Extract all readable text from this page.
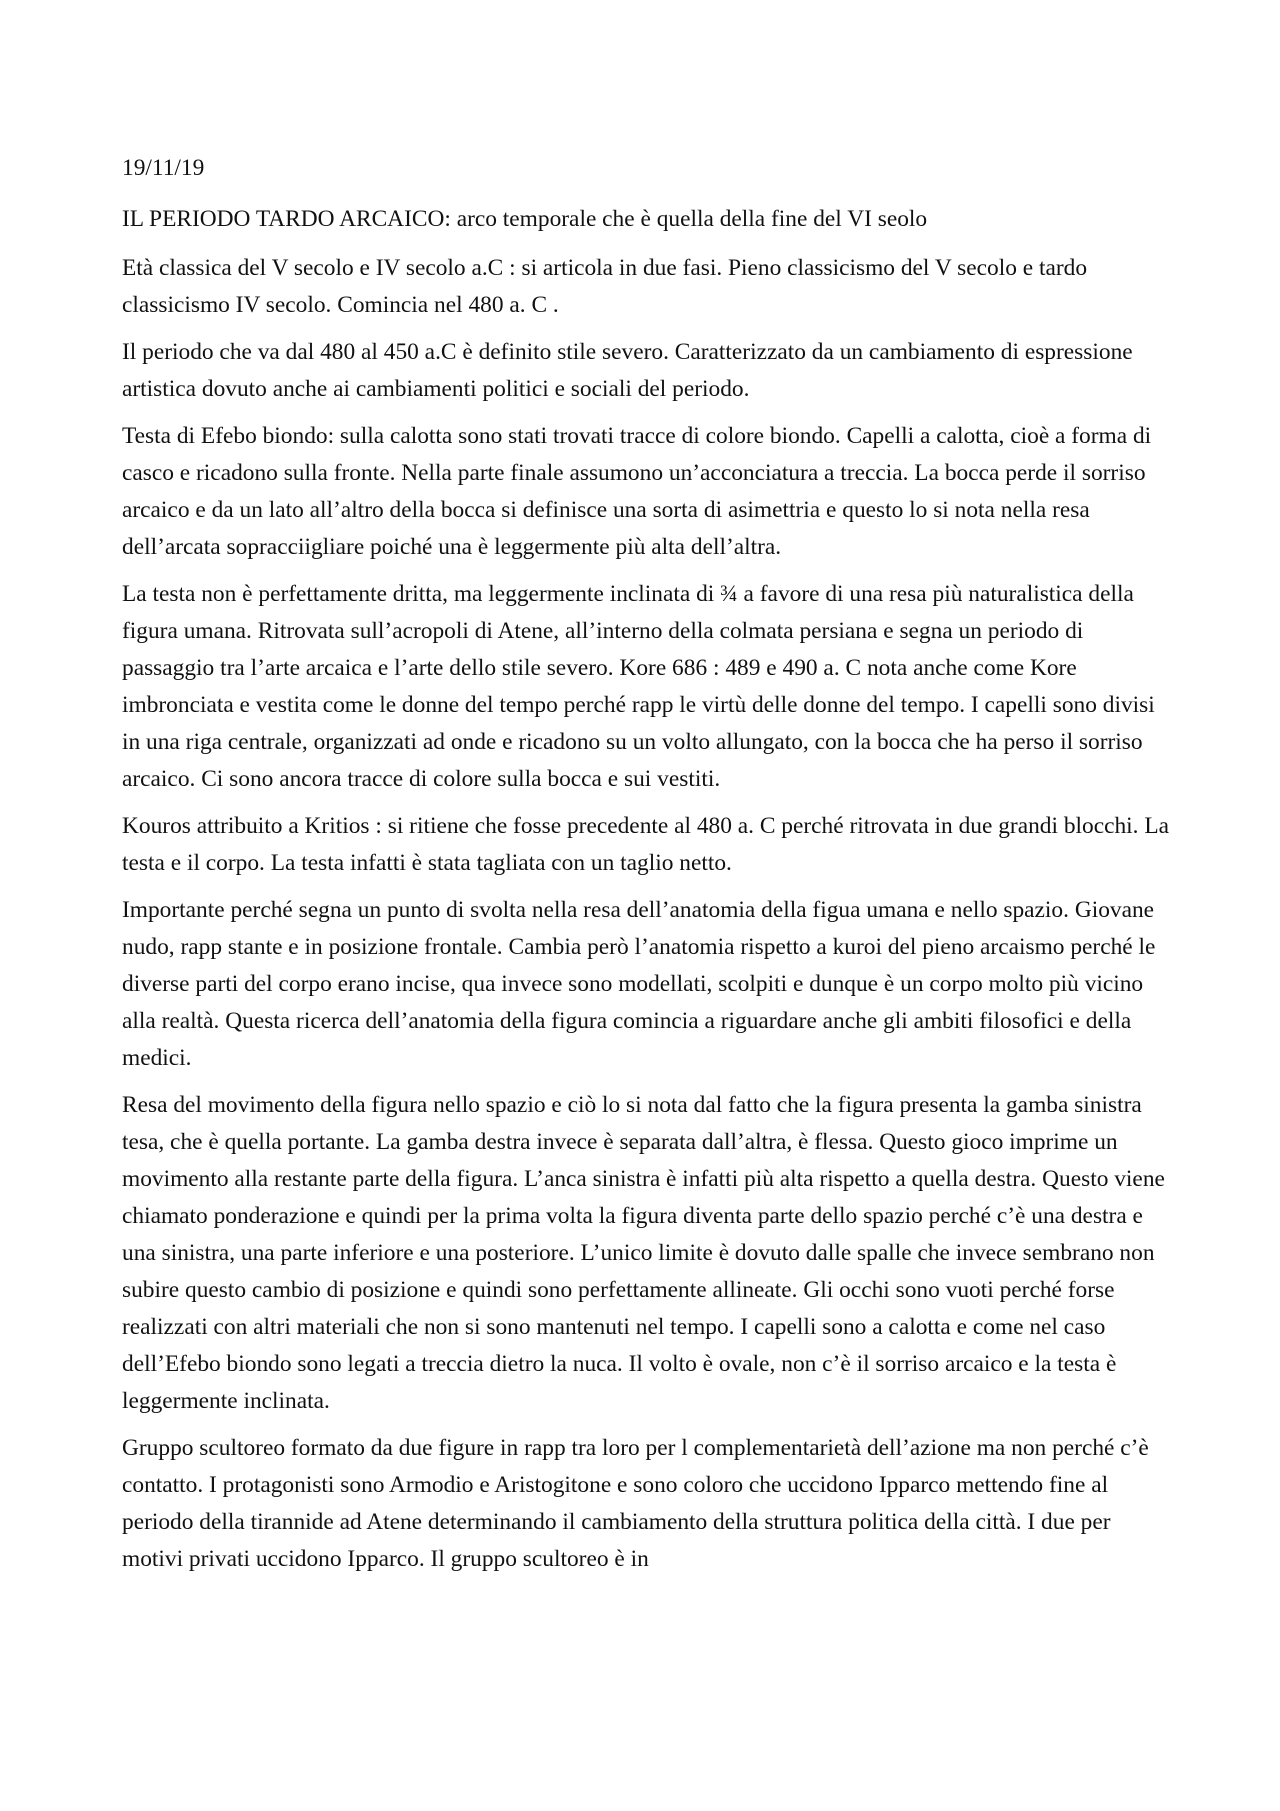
19/11/19

IL PERIODO TARDO ARCAICO: arco temporale che è quella della fine del VI seolo

Età classica del V secolo e IV secolo a.C : si articola in due fasi. Pieno classicismo del V secolo e tardo classicismo IV secolo. Comincia nel 480 a. C .

Il periodo che va dal 480 al 450 a.C è definito stile severo. Caratterizzato da un cambiamento di espressione artistica dovuto anche ai cambiamenti politici e sociali del periodo.

Testa di Efebo biondo: sulla calotta sono stati trovati tracce di colore biondo. Capelli a calotta, cioè a forma di casco e ricadono sulla fronte. Nella parte finale assumono un’acconciatura a treccia. La bocca perde il sorriso arcaico e da un lato all’altro della bocca si definisce una sorta di asimettria e questo lo si nota nella resa dell’arcata sopracciigliare poiché una è leggermente più alta dell’altra.

La testa non è perfettamente dritta, ma leggermente inclinata di ¾ a favore di una resa più naturalistica della figura umana. Ritrovata sull’acropoli di Atene, all’interno della colmata persiana e segna un periodo di passaggio tra l’arte arcaica e l’arte dello stile severo. Kore 686 : 489 e 490 a. C nota anche come Kore imbronciata e vestita come le donne del tempo perché rapp le virtù delle donne del tempo. I capelli sono divisi in una riga centrale, organizzati ad onde e ricadono su un volto allungato, con la bocca che ha perso il sorriso arcaico. Ci sono ancora tracce di colore sulla bocca e sui vestiti.

Kouros attribuito a Kritios : si ritiene che fosse precedente al 480 a. C perché ritrovata in due grandi blocchi. La testa e il corpo. La testa infatti è stata tagliata con un taglio netto.

Importante perché segna un punto di svolta nella resa dell’anatomia della figua umana e nello spazio. Giovane nudo, rapp stante e in posizione frontale. Cambia però l’anatomia rispetto a kuroi del pieno arcaismo perché le diverse parti del corpo erano incise, qua invece sono modellati, scolpiti e dunque è un corpo molto più vicino alla realtà. Questa ricerca dell’anatomia della figura comincia a riguardare anche gli ambiti filosofici e della medici.

Resa del movimento della figura nello spazio e ciò lo si nota dal fatto che la figura presenta la gamba sinistra tesa, che è quella portante. La gamba destra invece è separata dall’altra, è flessa. Questo gioco imprime un movimento alla restante parte della figura. L’anca sinistra è infatti più alta rispetto a quella destra. Questo viene chiamato ponderazione e quindi per la prima volta la figura diventa parte dello spazio perché c’è una destra e una sinistra, una parte inferiore e una posteriore. L’unico limite è dovuto dalle spalle che invece sembrano non subire questo cambio di posizione e quindi sono perfettamente allineate. Gli occhi sono vuoti perché forse realizzati con altri materiali che non si sono mantenuti nel tempo. I capelli sono a calotta e come nel caso dell’Efebo biondo sono legati a treccia dietro la nuca. Il volto è ovale, non c’è il sorriso arcaico e la testa è leggermente inclinata.

Gruppo scultoreo formato da due figure in rapp tra loro per l complementarietà dell’azione ma non perché c’è contatto. I protagonisti sono Armodio e Aristogitone e sono coloro che uccidono Ipparco mettendo fine al periodo della tirannide ad Atene determinando il cambiamento della struttura politica della città. I due per motivi privati uccidono Ipparco. Il gruppo scultoreo è in
